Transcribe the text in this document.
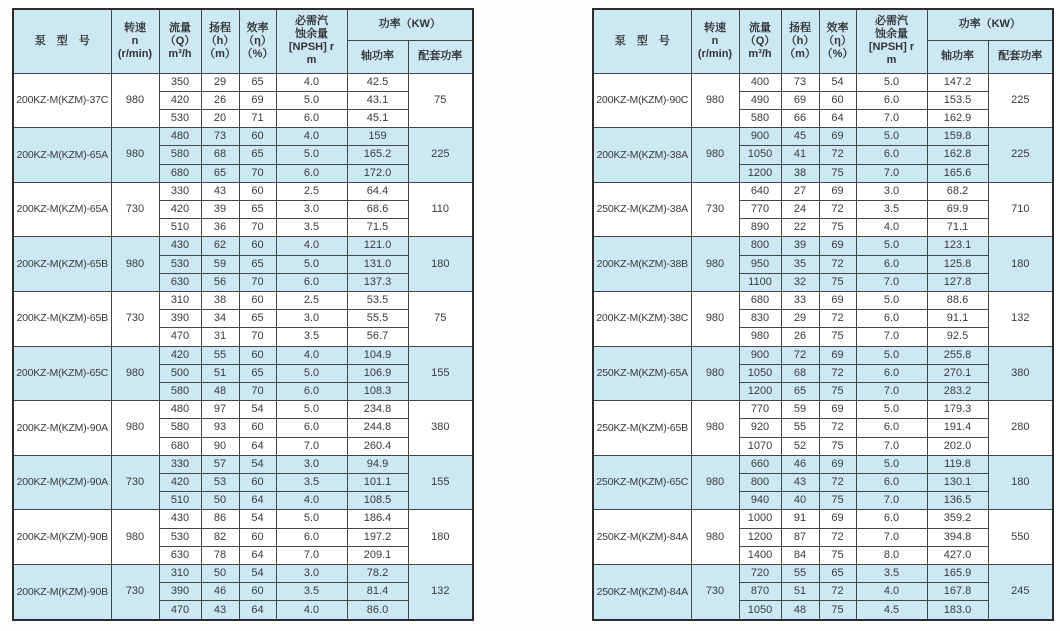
泵　型　号	转速
n
(r/min)	流量
（Q）
m³/h	扬程
（h）
（m）	效率
（η）
（%）	必需汽
蚀余量
[NPSH] r
m	功率（KW）	
						轴功率	配套功率
200KZ-M(KZM)-37C	980	350	29	65	4.0	42.5	75
		420	26	69	5.0	43.1	
		530	20	71	6.0	45.1	
200KZ-M(KZM)-65A	980	480	73	60	4.0	159	225
		580	68	65	5.0	165.2	
		680	65	70	6.0	172.0	
200KZ-M(KZM)-65A	730	330	43	60	2.5	64.4	110
		420	39	65	3.0	68.6	
		510	36	70	3.5	71.5	
200KZ-M(KZM)-65B	980	430	62	60	4.0	121.0	180
		530	59	65	5.0	131.0	
		630	56	70	6.0	137.3	
200KZ-M(KZM)-65B	730	310	38	60	2.5	53.5	75
		390	34	65	3.0	55.5	
		470	31	70	3.5	56.7	
200KZ-M(KZM)-65C	980	420	55	60	4.0	104.9	155
		500	51	65	5.0	106.9	
		580	48	70	6.0	108.3	
200KZ-M(KZM)-90A	980	480	97	54	5.0	234.8	380
		580	93	60	6.0	244.8	
		680	90	64	7.0	260.4	
200KZ-M(KZM)-90A	730	330	57	54	3.0	94.9	155
		420	53	60	3.5	101.1	
		510	50	64	4.0	108.5	
200KZ-M(KZM)-90B	980	430	86	54	5.0	186.4	180
		530	82	60	6.0	197.2	
		630	78	64	7.0	209.1	
200KZ-M(KZM)-90B	730	310	50	54	3.0	78.2	132
		390	46	60	3.5	81.4	
		470	43	64	4.0	86.0	
泵　型　号	转速
n
(r/min)	流量
（Q）
m³/h	扬程
（h）
（m）	效率
（η）
（%）	必需汽
蚀余量
[NPSH] r
m	功率（KW）	
						轴功率	配套功率
200KZ-M(KZM)-90C	980	400	73	54	5.0	147.2	225
		490	69	60	6.0	153.5	
		580	66	64	7.0	162.9	
200KZ-M(KZM)-38A	980	900	45	69	5.0	159.8	225
		1050	41	72	6.0	162.8	
		1200	38	75	7.0	165.6	
250KZ-M(KZM)-38A	730	640	27	69	3.0	68.2	710
		770	24	72	3.5	69.9	
		890	22	75	4.0	71.1	
200KZ-M(KZM)-38B	980	800	39	69	5.0	123.1	180
		950	35	72	6.0	125.8	
		1100	32	75	7.0	127.8	
200KZ-M(KZM)-38C	980	680	33	69	5.0	88.6	132
		830	29	72	6.0	91.1	
		980	26	75	7.0	92.5	
250KZ-M(KZM)-65A	980	900	72	69	5.0	255.8	380
		1050	68	72	6.0	270.1	
		1200	65	75	7.0	283.2	
250KZ-M(KZM)-65B	980	770	59	69	5.0	179.3	280
		920	55	72	6.0	191.4	
		1070	52	75	7.0	202.0	
250KZ-M(KZM)-65C	980	660	46	69	5.0	119.8	180
		800	43	72	6.0	130.1	
		940	40	75	7.0	136.5	
250KZ-M(KZM)-84A	980	1000	91	69	6.0	359.2	550
		1200	87	72	7.0	394.8	
		1400	84	75	8.0	427.0	
250KZ-M(KZM)-84A	730	720	55	65	3.5	165.9	245
		870	51	72	4.0	167.8	
		1050	48	75	4.5	183.0	
